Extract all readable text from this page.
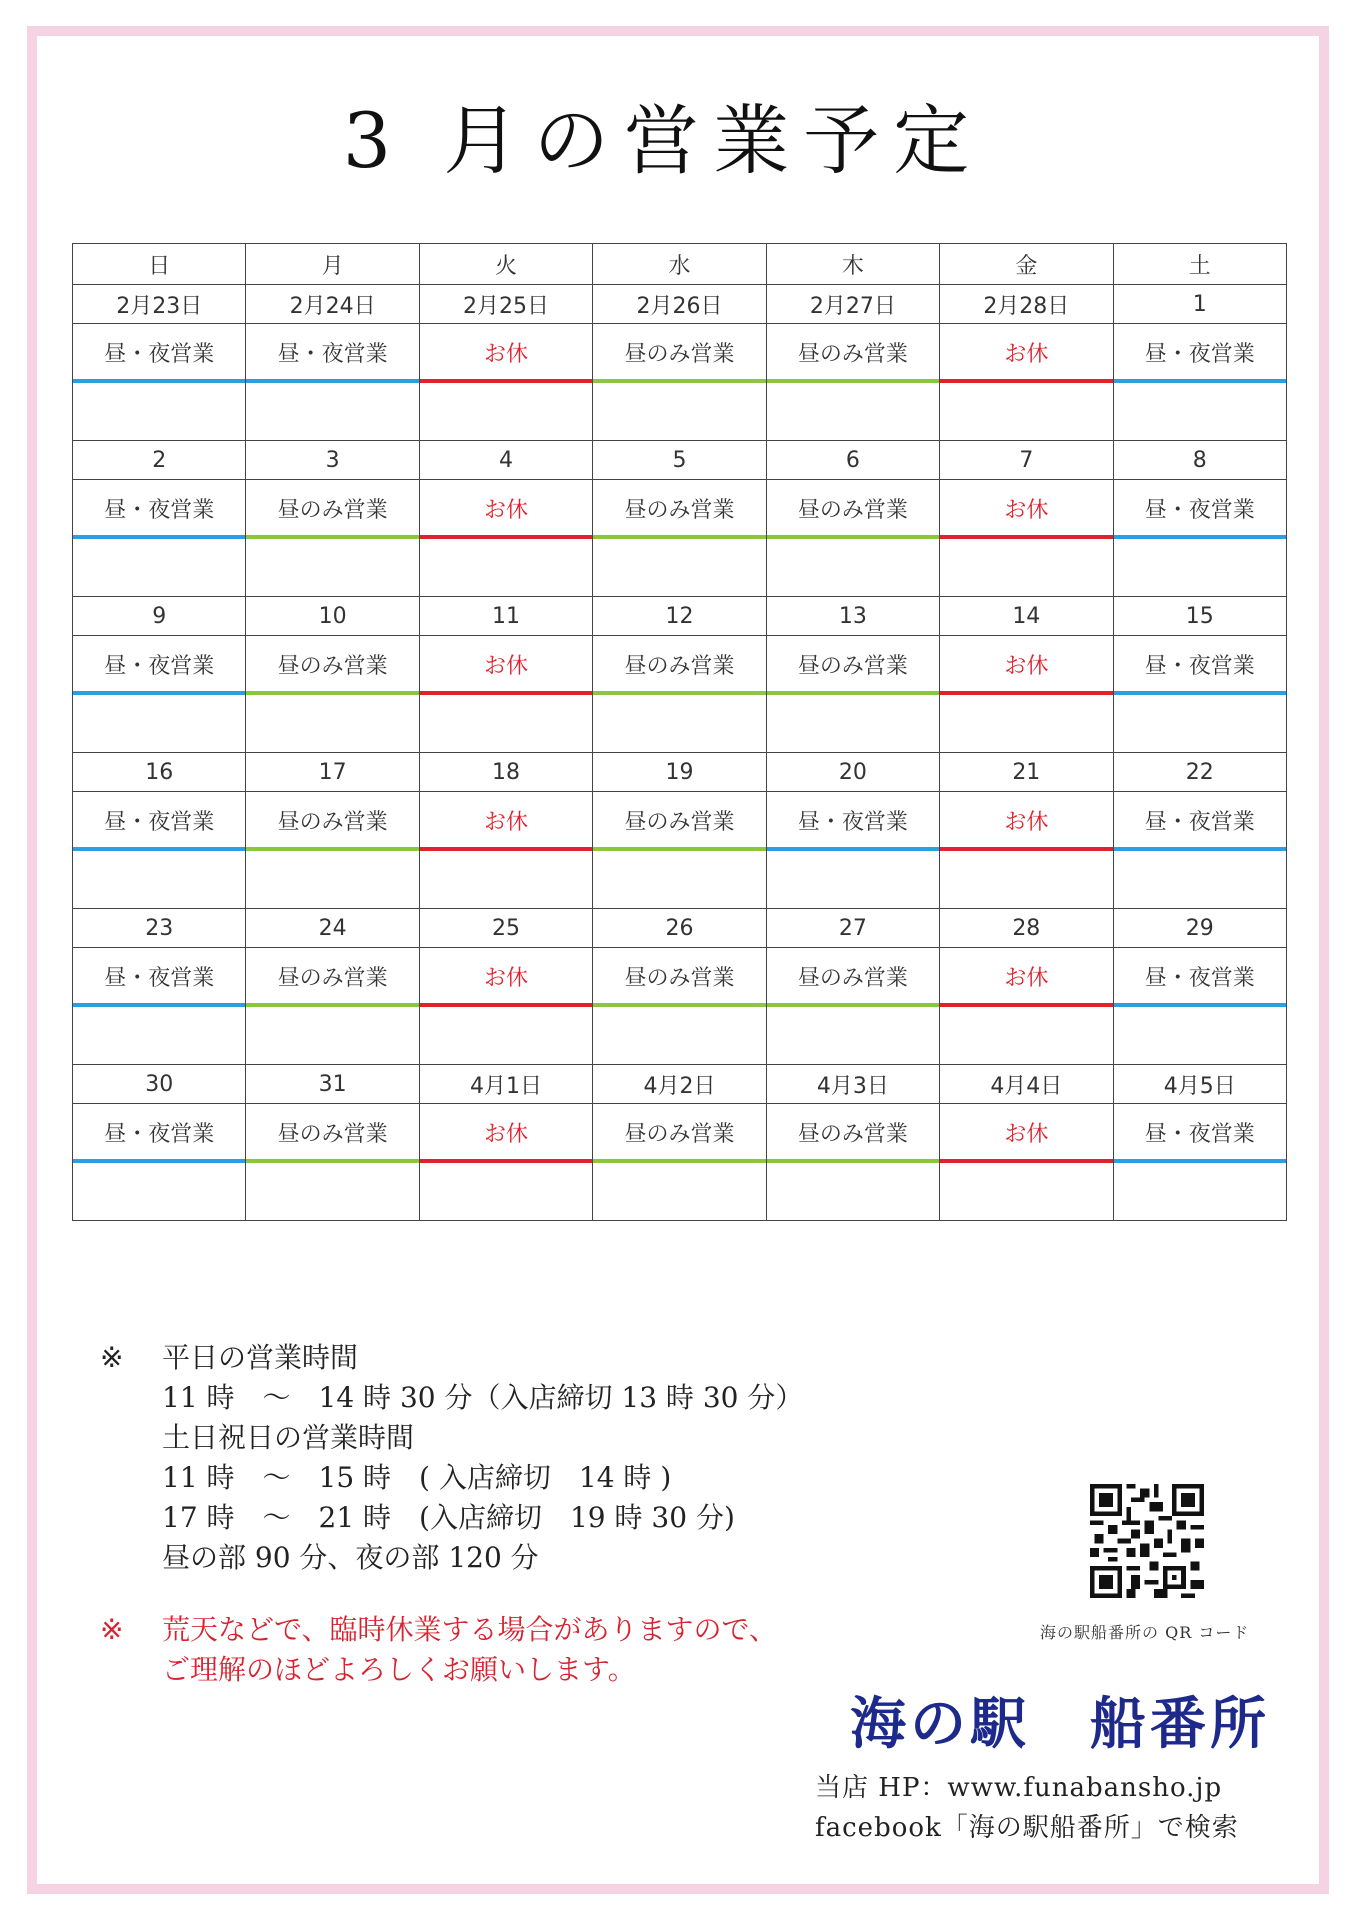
3 月の営業予定
日	月	火	水	木	金	土
2月23日	2月24日	2月25日	2月26日	2月27日	2月28日	1
昼・夜営業	昼・夜営業	お休	昼のみ営業	昼のみ営業	お休	昼・夜営業

2	3	4	5	6	7	8
昼・夜営業	昼のみ営業	お休	昼のみ営業	昼のみ営業	お休	昼・夜営業

9	10	11	12	13	14	15
昼・夜営業	昼のみ営業	お休	昼のみ営業	昼のみ営業	お休	昼・夜営業

16	17	18	19	20	21	22
昼・夜営業	昼のみ営業	お休	昼のみ営業	昼・夜営業	お休	昼・夜営業

23	24	25	26	27	28	29
昼・夜営業	昼のみ営業	お休	昼のみ営業	昼のみ営業	お休	昼・夜営業

30	31	4月1日	4月2日	4月3日	4月4日	4月5日
昼・夜営業	昼のみ営業	お休	昼のみ営業	昼のみ営業	お休	昼・夜営業

※ 平日の営業時間
11 時　～　14 時 30 分（入店締切 13 時 30 分）
土日祝日の営業時間
11 時　～　15 時　( 入店締切　14 時 )
17 時　～　21 時　(入店締切　19 時 30 分)
昼の部 90 分、夜の部 120 分
※ 荒天などで、臨時休業する場合がありますので、
ご理解のほどよろしくお願いします。
海の駅船番所の QR コード
海の駅　船番所
当店 HP：www.funabansho.jp
facebook「海の駅船番所」で検索
